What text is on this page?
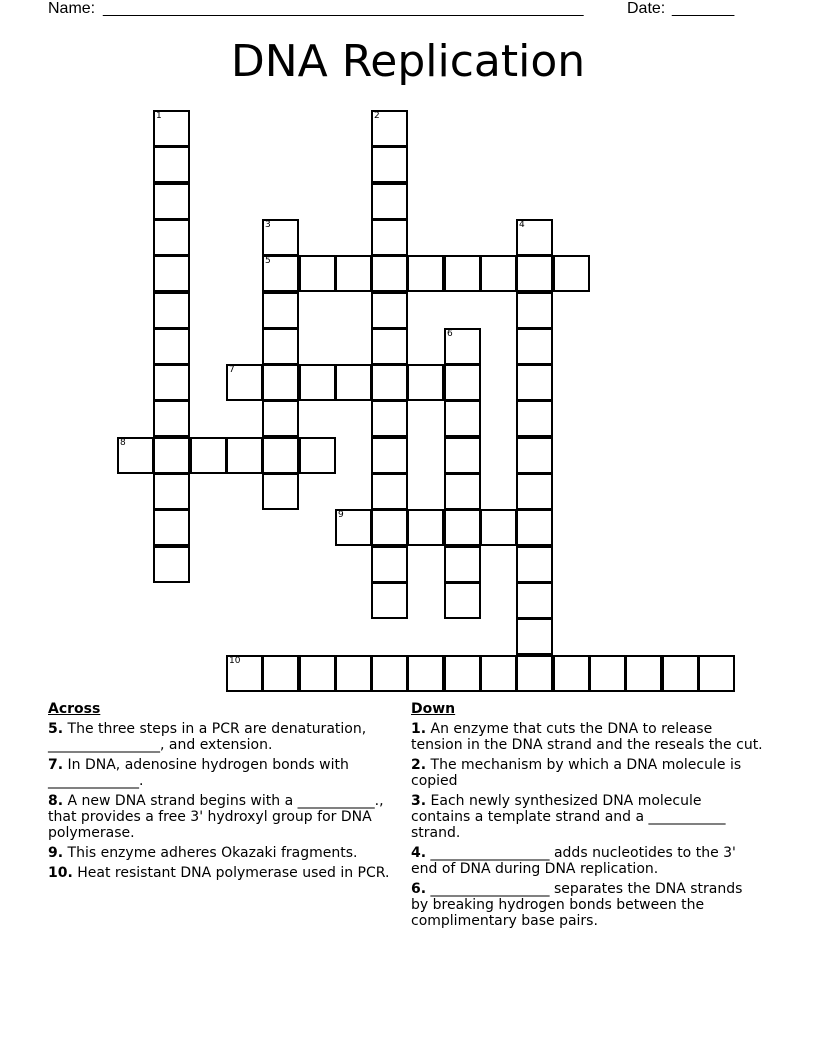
Name: ______________________________________________________	Date: _______
DNA Replication
1	2
3
5
4
6
7
8
9
10
Across
5. The three steps in a PCR are denaturation, ________________, and extension.
7. In DNA, adenosine hydrogen bonds with _____________.
8. A new DNA strand begins with a ___________., that provides a free 3' hydroxyl group for DNA polymerase.
9. This enzyme adheres Okazaki fragments.
10. Heat resistant DNA polymerase used in PCR.
Down
1. An enzyme that cuts the DNA to release tension in the DNA strand and the reseals the cut.
2. The mechanism by which a DNA molecule is copied
3. Each newly synthesized DNA molecule contains a template strand and a ___________ strand.
4. _________________ adds nucleotides to the 3' end of DNA during DNA replication.
6. _________________ separates the DNA strands by breaking hydrogen bonds between the complimentary base pairs.
